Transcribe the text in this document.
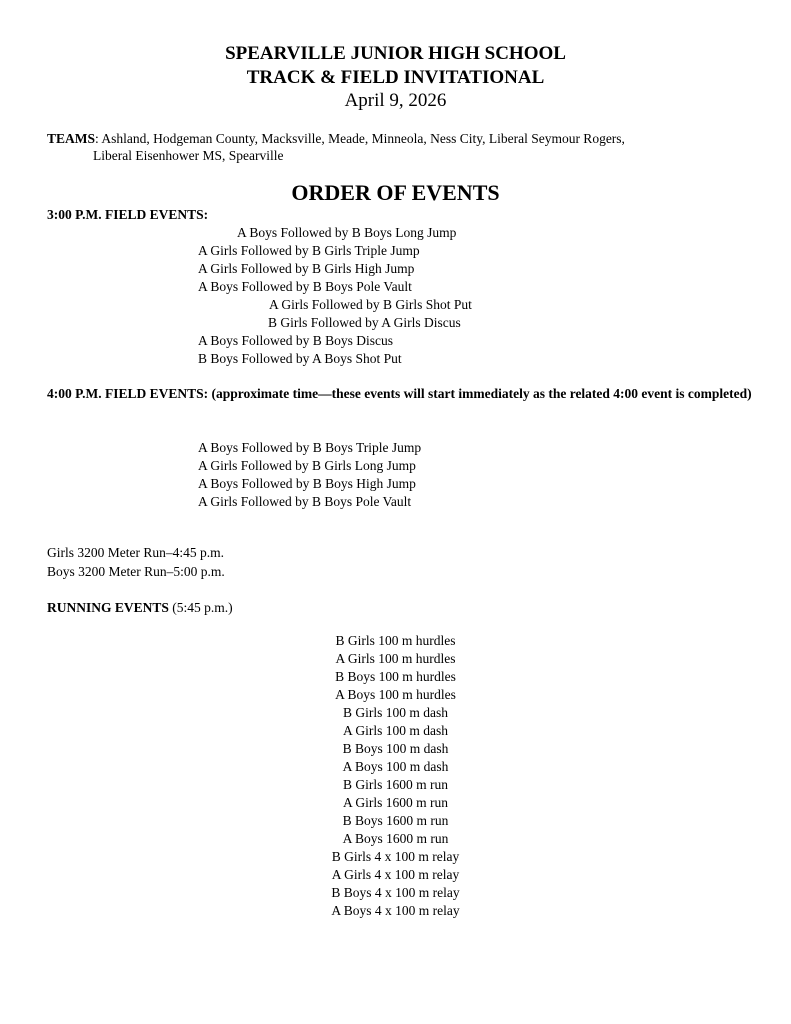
SPEARVILLE JUNIOR HIGH SCHOOL
TRACK & FIELD INVITATIONAL
April 9, 2026
TEAMS: Ashland, Hodgeman County, Macksville, Meade, Minneola, Ness City, Liberal Seymour Rogers,
Liberal Eisenhower MS, Spearville
ORDER OF EVENTS
3:00 P.M. FIELD EVENTS:
A Boys Followed by B Boys Long Jump
A Girls Followed by B Girls Triple Jump
A Girls Followed by B Girls High Jump
A Boys Followed by B Boys Pole Vault
A Girls Followed by B Girls Shot Put
B Girls Followed by A Girls Discus
A Boys Followed by B Boys Discus
B Boys Followed by A Boys Shot Put
4:00 P.M. FIELD EVENTS: (approximate time—these events will start immediately as the related 4:00 event is completed)
A Boys Followed by B Boys Triple Jump
A Girls Followed by B Girls Long Jump
A Boys Followed by B Boys High Jump
A Girls Followed by B Boys Pole Vault
Girls 3200 Meter Run–4:45 p.m.
Boys 3200 Meter Run–5:00 p.m.
RUNNING EVENTS (5:45 p.m.)
B Girls 100 m hurdles
A Girls 100 m hurdles
B Boys 100 m hurdles
A Boys 100 m hurdles
B Girls 100 m dash
A Girls 100 m dash
B Boys 100 m dash
A Boys 100 m dash
B Girls 1600 m run
A Girls 1600 m run
B Boys 1600 m run
A Boys 1600 m run
B Girls 4 x 100 m relay
A Girls 4 x 100 m relay
B Boys 4 x 100 m relay
A Boys 4 x 100 m relay
